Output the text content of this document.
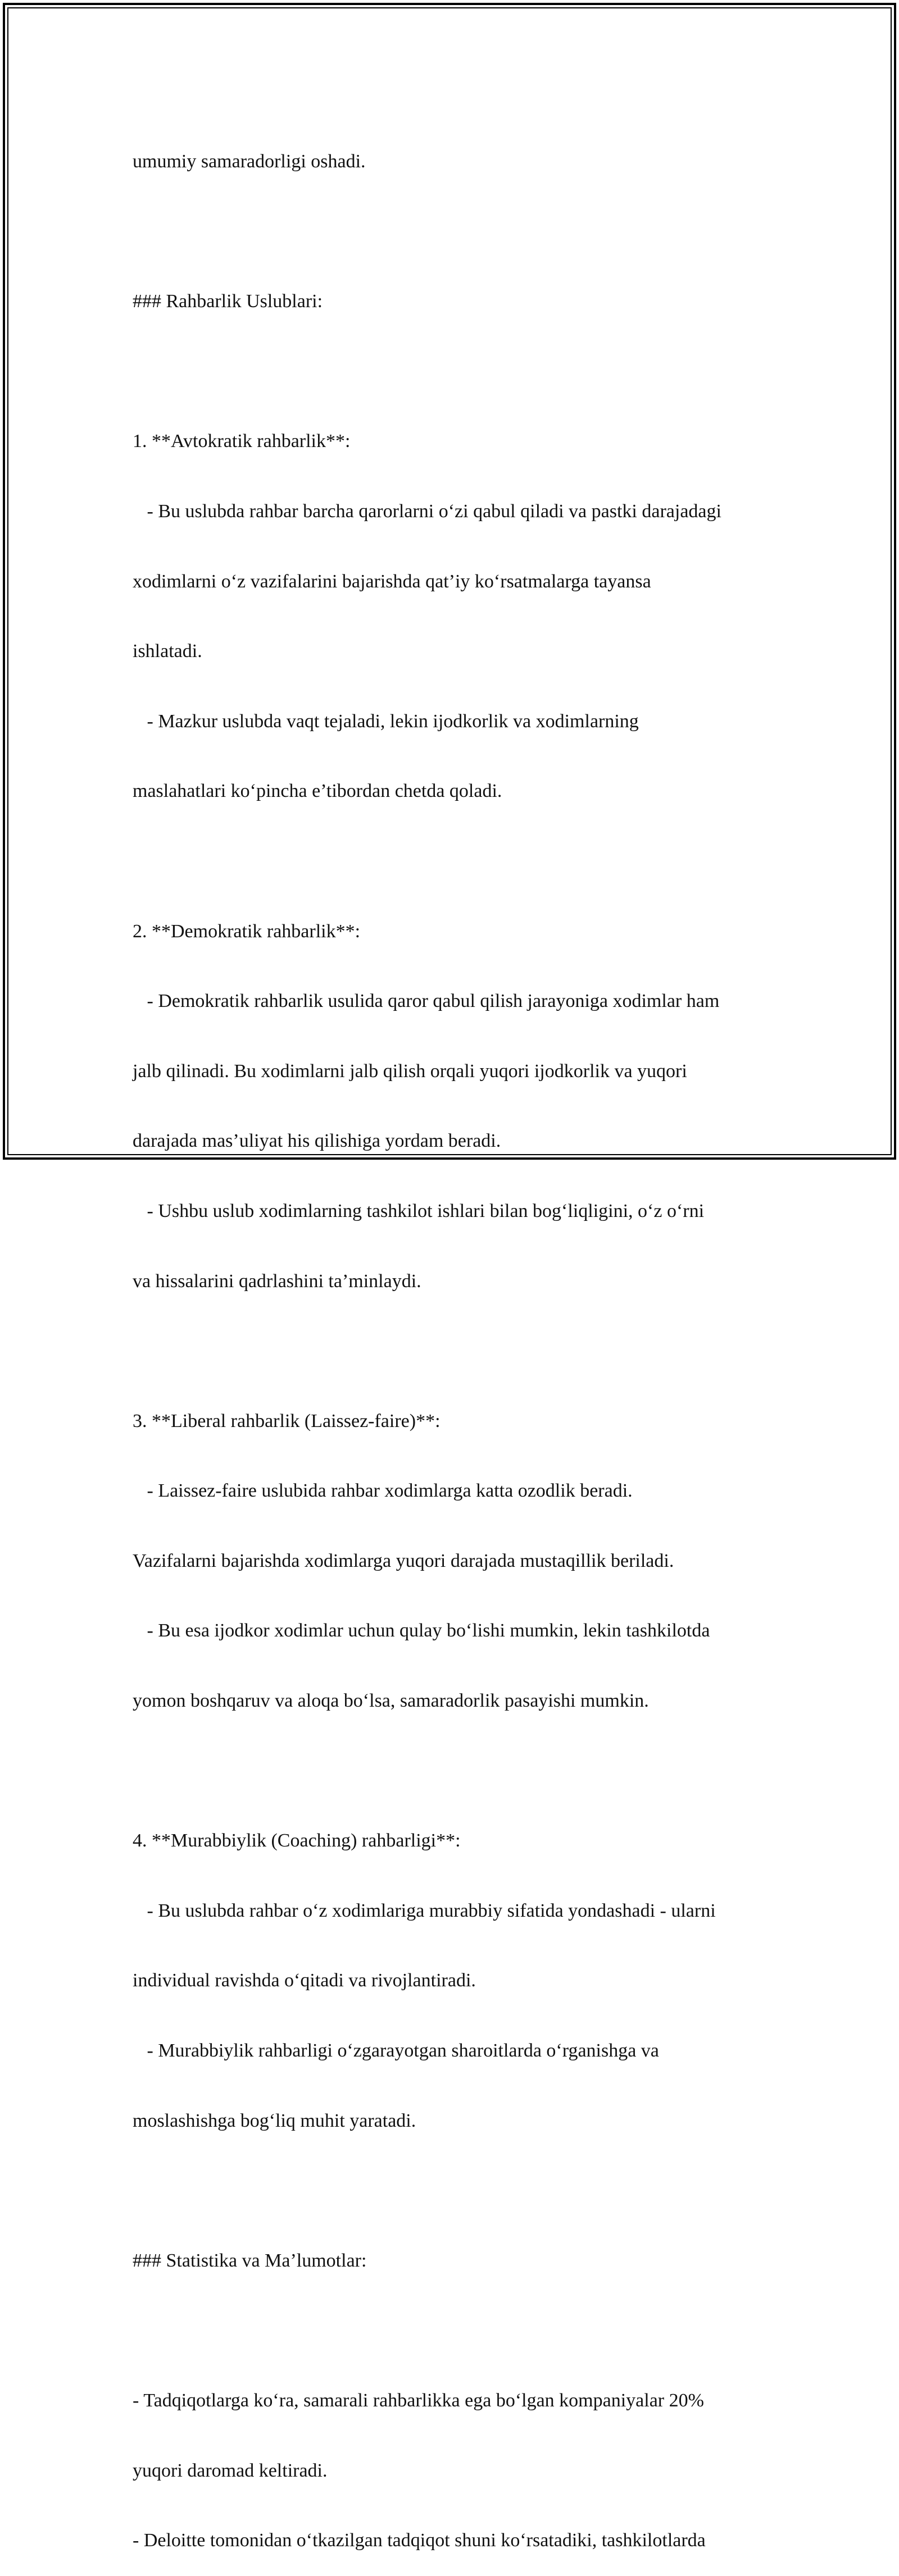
umumiy samaradorligi oshadi.

### Rahbarlik Uslublari:

1. **Avtokratik rahbarlik**:

- Bu uslubda rahbar barcha qarorlarni o‘zi qabul qiladi va pastki darajadagi

xodimlarni o‘z vazifalarini bajarishda qat’iy ko‘rsatmalarga tayansa

ishlatadi.

- Mazkur uslubda vaqt tejaladi, lekin ijodkorlik va xodimlarning

maslahatlari ko‘pincha e’tibordan chetda qoladi.

2. **Demokratik rahbarlik**:

- Demokratik rahbarlik usulida qaror qabul qilish jarayoniga xodimlar ham

jalb qilinadi. Bu xodimlarni jalb qilish orqali yuqori ijodkorlik va yuqori

darajada mas’uliyat his qilishiga yordam beradi.

- Ushbu uslub xodimlarning tashkilot ishlari bilan bog‘liqligini, o‘z o‘rni

va hissalarini qadrlashini ta’minlaydi.

3. **Liberal rahbarlik (Laissez-faire)**:

- Laissez-faire uslubida rahbar xodimlarga katta ozodlik beradi.

Vazifalarni bajarishda xodimlarga yuqori darajada mustaqillik beriladi.

- Bu esa ijodkor xodimlar uchun qulay bo‘lishi mumkin, lekin tashkilotda

yomon boshqaruv va aloqa bo‘lsa, samaradorlik pasayishi mumkin.

4. **Murabbiylik (Coaching) rahbarligi**:

- Bu uslubda rahbar o‘z xodimlariga murabbiy sifatida yondashadi - ularni

individual ravishda o‘qitadi va rivojlantiradi.

- Murabbiylik rahbarligi o‘zgarayotgan sharoitlarda o‘rganishga va

moslashishga bog‘liq muhit yaratadi.

### Statistika va Ma’lumotlar:

- Tadqiqotlarga ko‘ra, samarali rahbarlikka ega bo‘lgan kompaniyalar 20%

yuqori daromad keltiradi.

- Deloitte tomonidan o‘tkazilgan tadqiqot shuni ko‘rsatadiki, tashkilotlarda
